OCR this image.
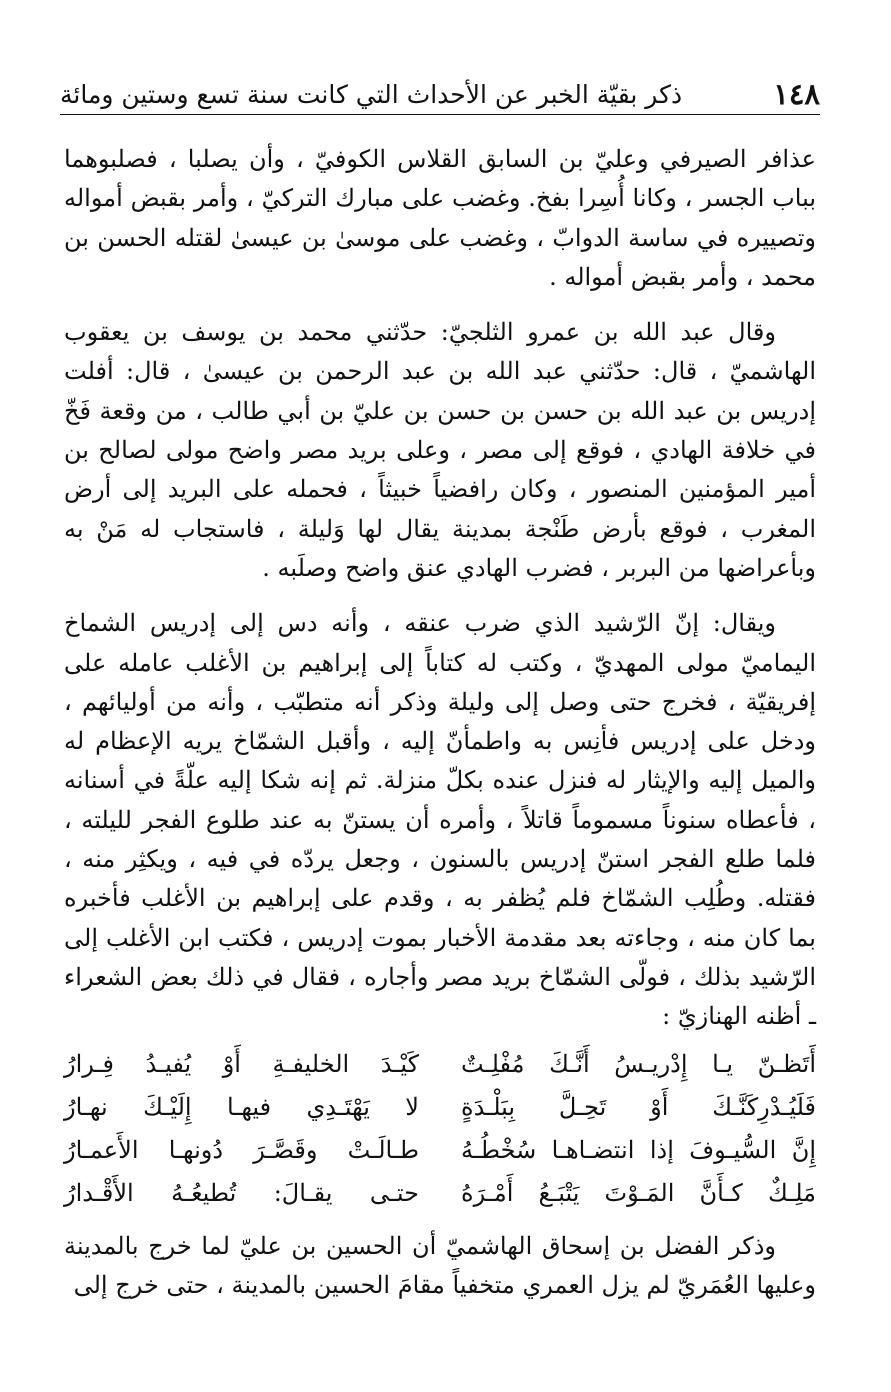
١٤٨
ذكر بقيّة الخبر عن الأحداث التي كانت سنة تسع وستين ومائة

عذافر الصيرفي وعليّ بن السابق القلاس الكوفيّ ، وأن يصلبا ، فصلبوهما بباب الجسر ، وكانا أُسِرا بفخ. وغضب على مبارك التركيّ ، وأمر بقبض أمواله وتصييره في ساسة الدوابّ ، وغضب على موسىٰ بن عيسىٰ لقتله الحسن بن محمد ، وأمر بقبض أمواله .

وقال عبد الله بن عمرو الثلجيّ: حدّثني محمد بن يوسف بن يعقوب الهاشميّ ، قال: حدّثني عبد الله بن عبد الرحمن بن عيسىٰ ، قال: أفلت إدريس بن عبد الله بن حسن بن حسن بن عليّ بن أبي طالب ، من وقعة فَخّ في خلافة الهادي ، فوقع إلى مصر ، وعلى بريد مصر واضح مولى لصالح بن أمير المؤمنين المنصور ، وكان رافضياً خبيثاً ، فحمله على البريد إلى أرض المغرب ، فوقع بأرض طَنْجة بمدينة يقال لها وَليلة ، فاستجاب له مَنْ به وبأعراضها من البربر ، فضرب الهادي عنق واضح وصلَبه .

ويقال: إنّ الرّشيد الذي ضرب عنقه ، وأنه دس إلى إدريس الشماخ اليماميّ مولى المهديّ ، وكتب له كتاباً إلى إبراهيم بن الأغلب عامله على إفريقيّة ، فخرج حتى وصل إلى وليلة وذكر أنه متطبّب ، وأنه من أوليائهم ، ودخل على إدريس فأنِس به واطمأنّ إليه ، وأقبل الشمّاخ يريه الإعظام له والميل إليه والإيثار له فنزل عنده بكلّ منزلة. ثم إنه شكا إليه علّةً في أسنانه ، فأعطاه سنوناً مسموماً قاتلاً ، وأمره أن يستنّ به عند طلوع الفجر لليلته ، فلما طلع الفجر استنّ إدريس بالسنون ، وجعل يردّه في فيه ، ويكثِر منه ، فقتله. وطُلِب الشمّاخ فلم يُظفر به ، وقدم على إبراهيم بن الأغلب فأخبره بما كان منه ، وجاءته بعد مقدمة الأخبار بموت إدريس ، فكتب ابن الأغلب إلى الرّشيد بذلك ، فولّى الشمّاخ بريد مصر وأجاره ، فقال في ذلك بعض الشعراء ـ أظنه الهنازيّ :

أَتَظـنّ يـا إِدْريـسُ أَنَّـكَ مُفْلِـتٌ
كَيْـدَ الخليفـةِ أَوْ يُفيـدُ فِـرارُ
فَلَيُـدْرِكَنَّـكَ أَوْ تَحِـلَّ بِبَلْـدَةٍ
لا يَهْتَـدِي فيهـا إِلَيْـكَ نهـارُ
إِنَّ السُّيـوفَ إذا انتضـاهـا سُخْطُـهُ
طـالَـتْ وقَصَّـرَ دُونهـا الأَعمـارُ
مَلِـكٌ كـأَنَّ المَـوْتَ يَتْبَـعُ أَمْـرَهُ
حتـى يقـالَ: تُطيعُـهُ الأَقْـدارُ

وذكر الفضل بن إسحاق الهاشميّ أن الحسين بن عليّ لما خرج بالمدينة وعليها العُمَريّ لم يزل العمري متخفياً مقامَ الحسين بالمدينة ، حتى خرج إلى
